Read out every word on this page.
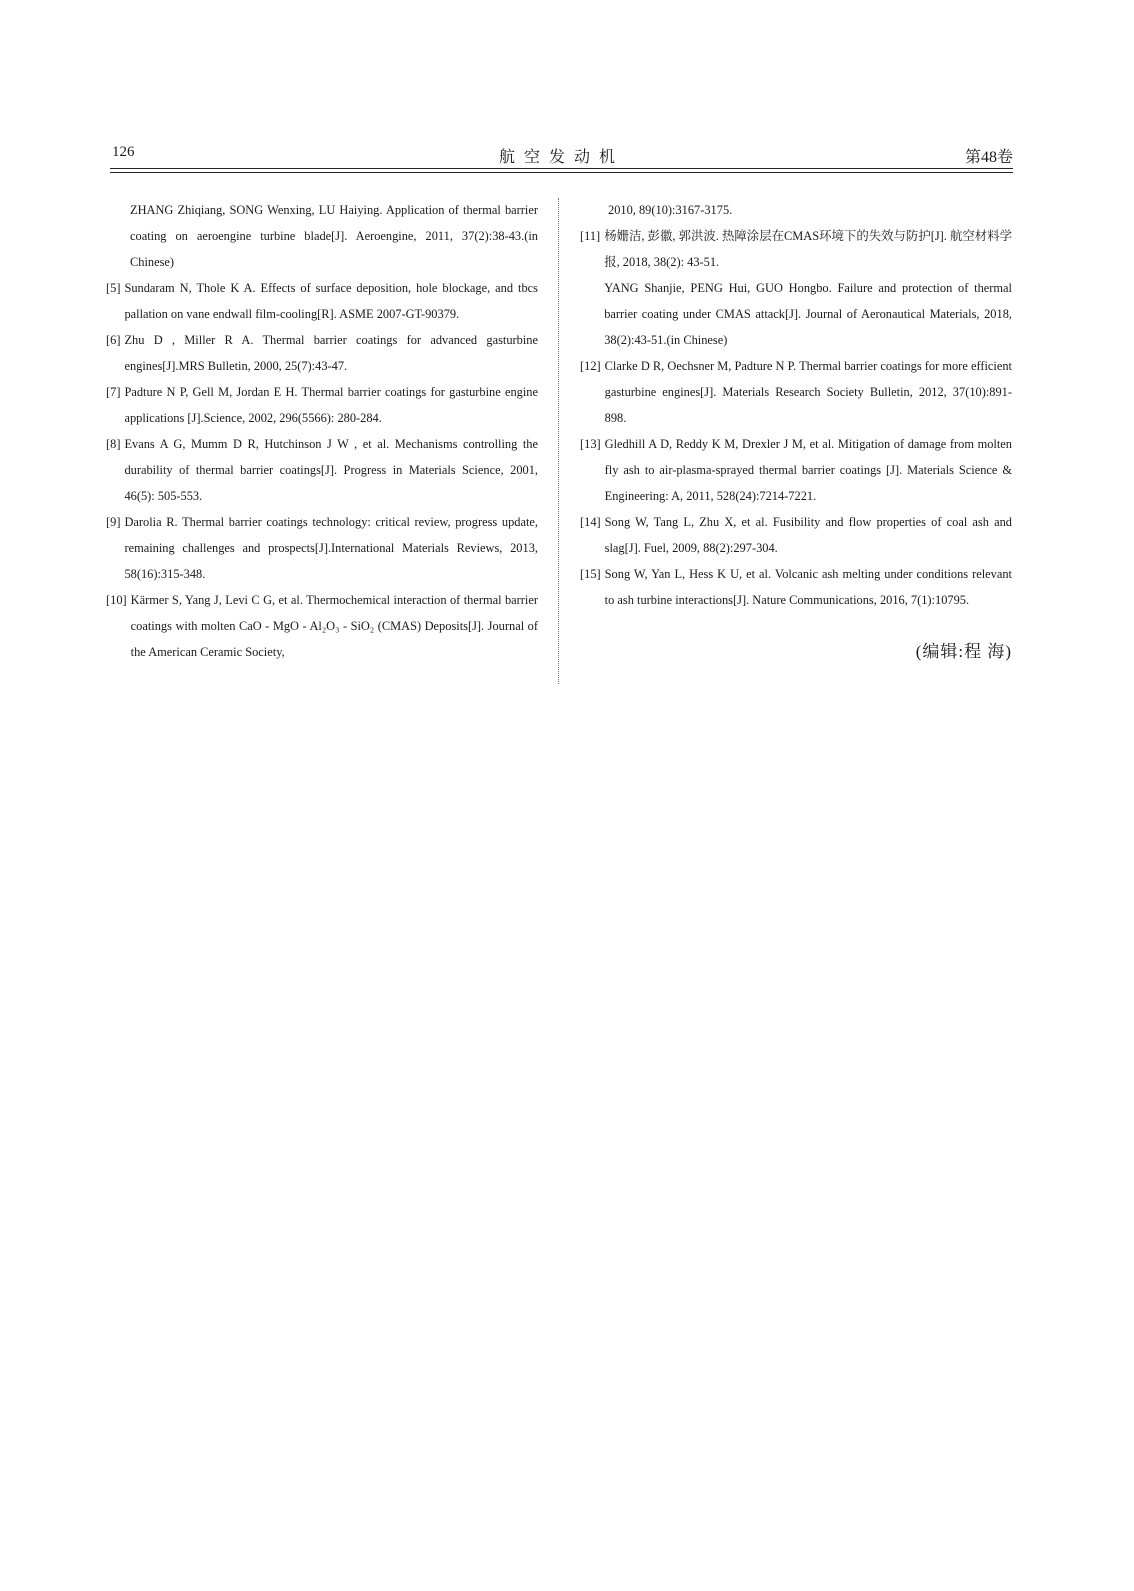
126	航空发动机	第48卷
ZHANG Zhiqiang, SONG Wenxing, LU Haiying. Application of thermal barrier coating on aeroengine turbine blade[J]. Aeroengine, 2011, 37(2):38-43.(in Chinese)
[5] Sundaram N, Thole K A. Effects of surface deposition, hole blockage, and tbcs pallation on vane endwall film-cooling[R]. ASME 2007-GT-90379.
[6] Zhu D , Miller R A. Thermal barrier coatings for advanced gasturbine engines[J].MRS Bulletin, 2000, 25(7):43-47.
[7] Padture N P, Gell M, Jordan E H. Thermal barrier coatings for gasturbine engine applications [J].Science, 2002, 296(5566): 280-284.
[8] Evans A G, Mumm D R, Hutchinson J W , et al. Mechanisms controlling the durability of thermal barrier coatings[J]. Progress in Materials Science, 2001, 46(5): 505-553.
[9] Darolia R. Thermal barrier coatings technology: critical review, progress update, remaining challenges and prospects[J].International Materials Reviews, 2013, 58(16):315-348.
[10] Kärmer S, Yang J, Levi C G, et al. Thermochemical interaction of thermal barrier coatings with molten CaO - MgO - Al₂O₃ - SiO₂ (CMAS) Deposits[J]. Journal of the American Ceramic Society,
2010, 89(10):3167-3175.
[11] 杨姗洁, 彭徽, 郭洪波. 热障涂层在CMAS环境下的失效与防护[J]. 航空材料学报, 2018, 38(2): 43-51.
YANG Shanjie, PENG Hui, GUO Hongbo. Failure and protection of thermal barrier coating under CMAS attack[J]. Journal of Aeronautical Materials, 2018, 38(2):43-51.(in Chinese)
[12] Clarke D R, Oechsner M, Padture N P. Thermal barrier coatings for more efficient gasturbine engines[J]. Materials Research Society Bulletin, 2012, 37(10):891-898.
[13] Gledhill A D, Reddy K M, Drexler J M, et al. Mitigation of damage from molten fly ash to air-plasma-sprayed thermal barrier coatings [J]. Materials Science & Engineering: A, 2011, 528(24):7214-7221.
[14] Song W, Tang L, Zhu X, et al. Fusibility and flow properties of coal ash and slag[J]. Fuel, 2009, 88(2):297-304.
[15] Song W, Yan L, Hess K U, et al. Volcanic ash melting under conditions relevant to ash turbine interactions[J]. Nature Communications, 2016, 7(1):10795.
(编辑:程 海)
